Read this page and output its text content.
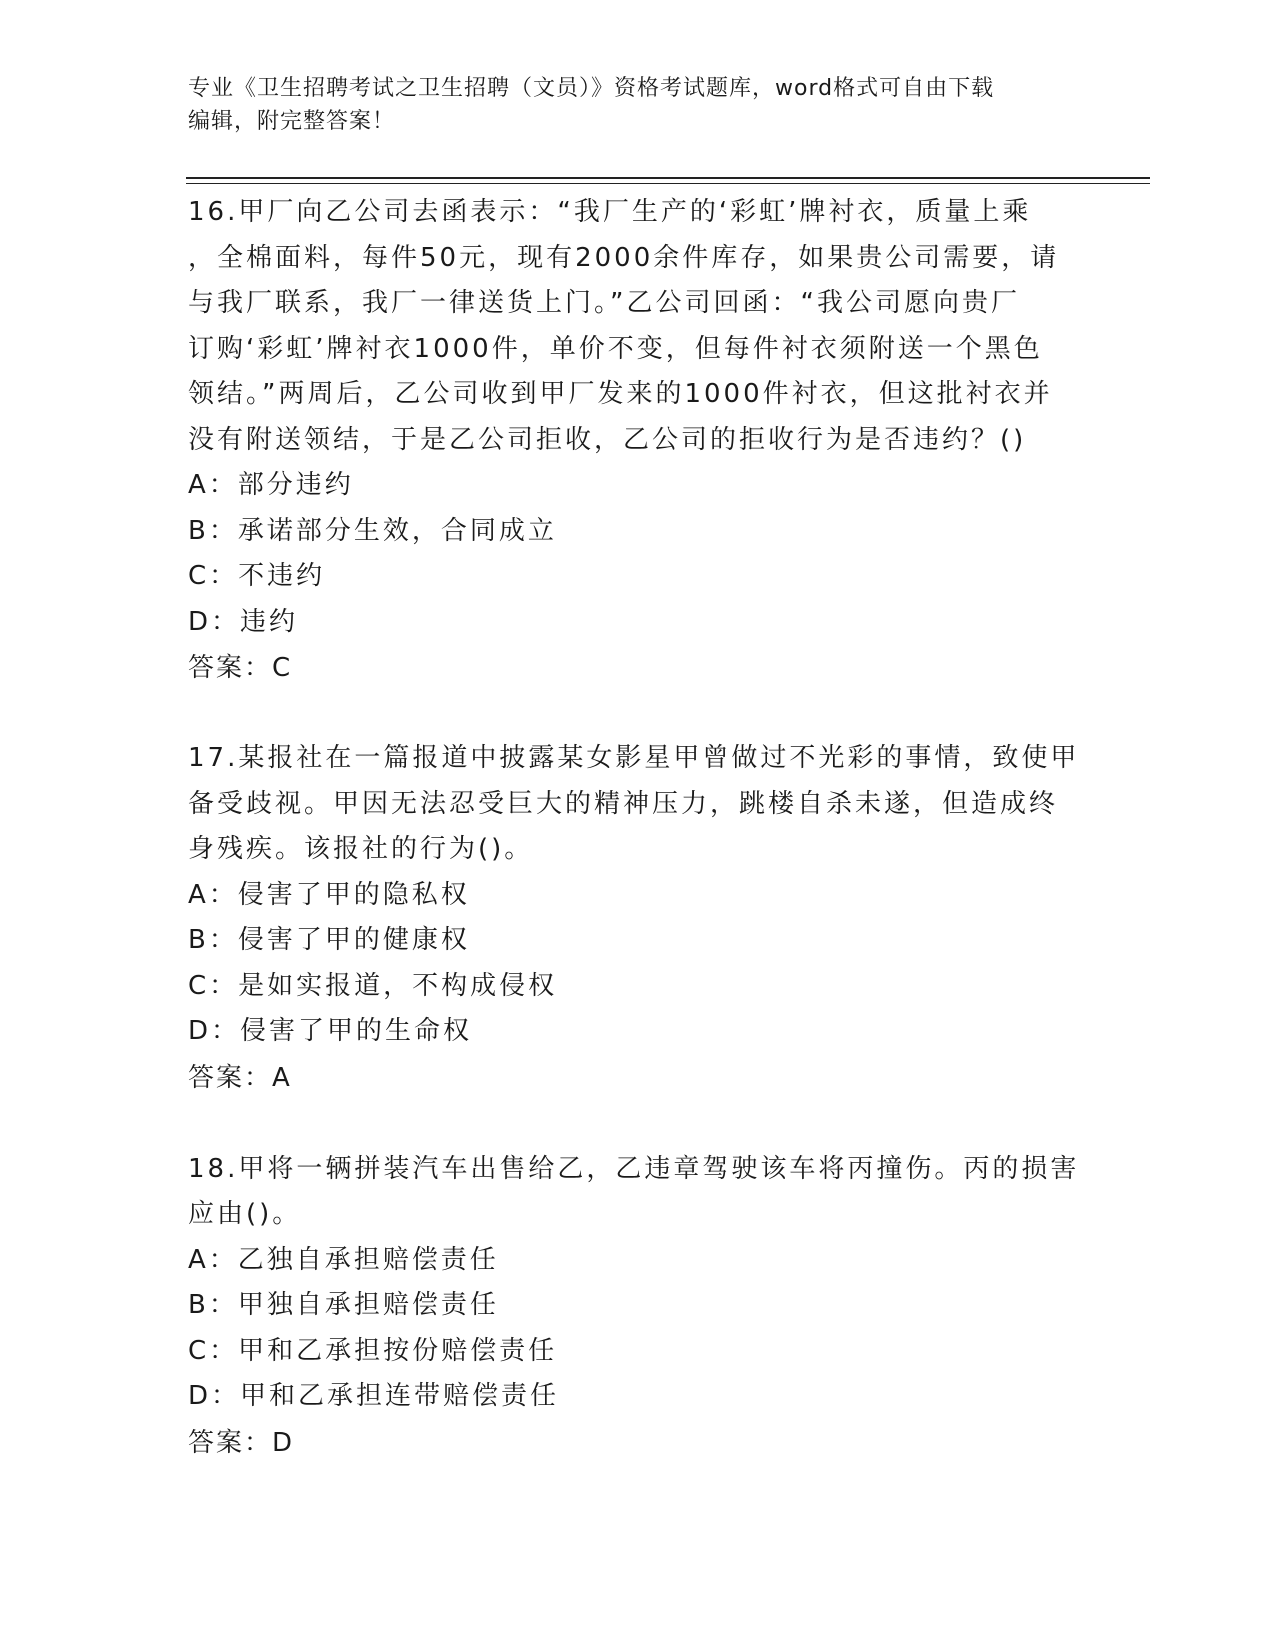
专业《卫生招聘考试之卫生招聘（文员）》资格考试题库，word格式可自由下载
编辑，附完整答案！
16.甲厂向乙公司去函表示：“我厂生产的‘彩虹’牌衬衣，质量上乘
，全棉面料，每件50元，现有2000余件库存，如果贵公司需要，请
与我厂联系，我厂一律送货上门。”乙公司回函：“我公司愿向贵厂
订购‘彩虹’牌衬衣1000件，单价不变，但每件衬衣须附送一个黑色
领结。”两周后，乙公司收到甲厂发来的1000件衬衣，但这批衬衣并
没有附送领结，于是乙公司拒收，乙公司的拒收行为是否违约？()
A：部分违约
B：承诺部分生效，合同成立
C：不违约
D：违约
答案：C
17.某报社在一篇报道中披露某女影星甲曾做过不光彩的事情，致使甲
备受歧视。甲因无法忍受巨大的精神压力，跳楼自杀未遂，但造成终
身残疾。该报社的行为()。
A：侵害了甲的隐私权
B：侵害了甲的健康权
C：是如实报道，不构成侵权
D：侵害了甲的生命权
答案：A
18.甲将一辆拼装汽车出售给乙，乙违章驾驶该车将丙撞伤。丙的损害
应由()。
A：乙独自承担赔偿责任
B：甲独自承担赔偿责任
C：甲和乙承担按份赔偿责任
D：甲和乙承担连带赔偿责任
答案：D
